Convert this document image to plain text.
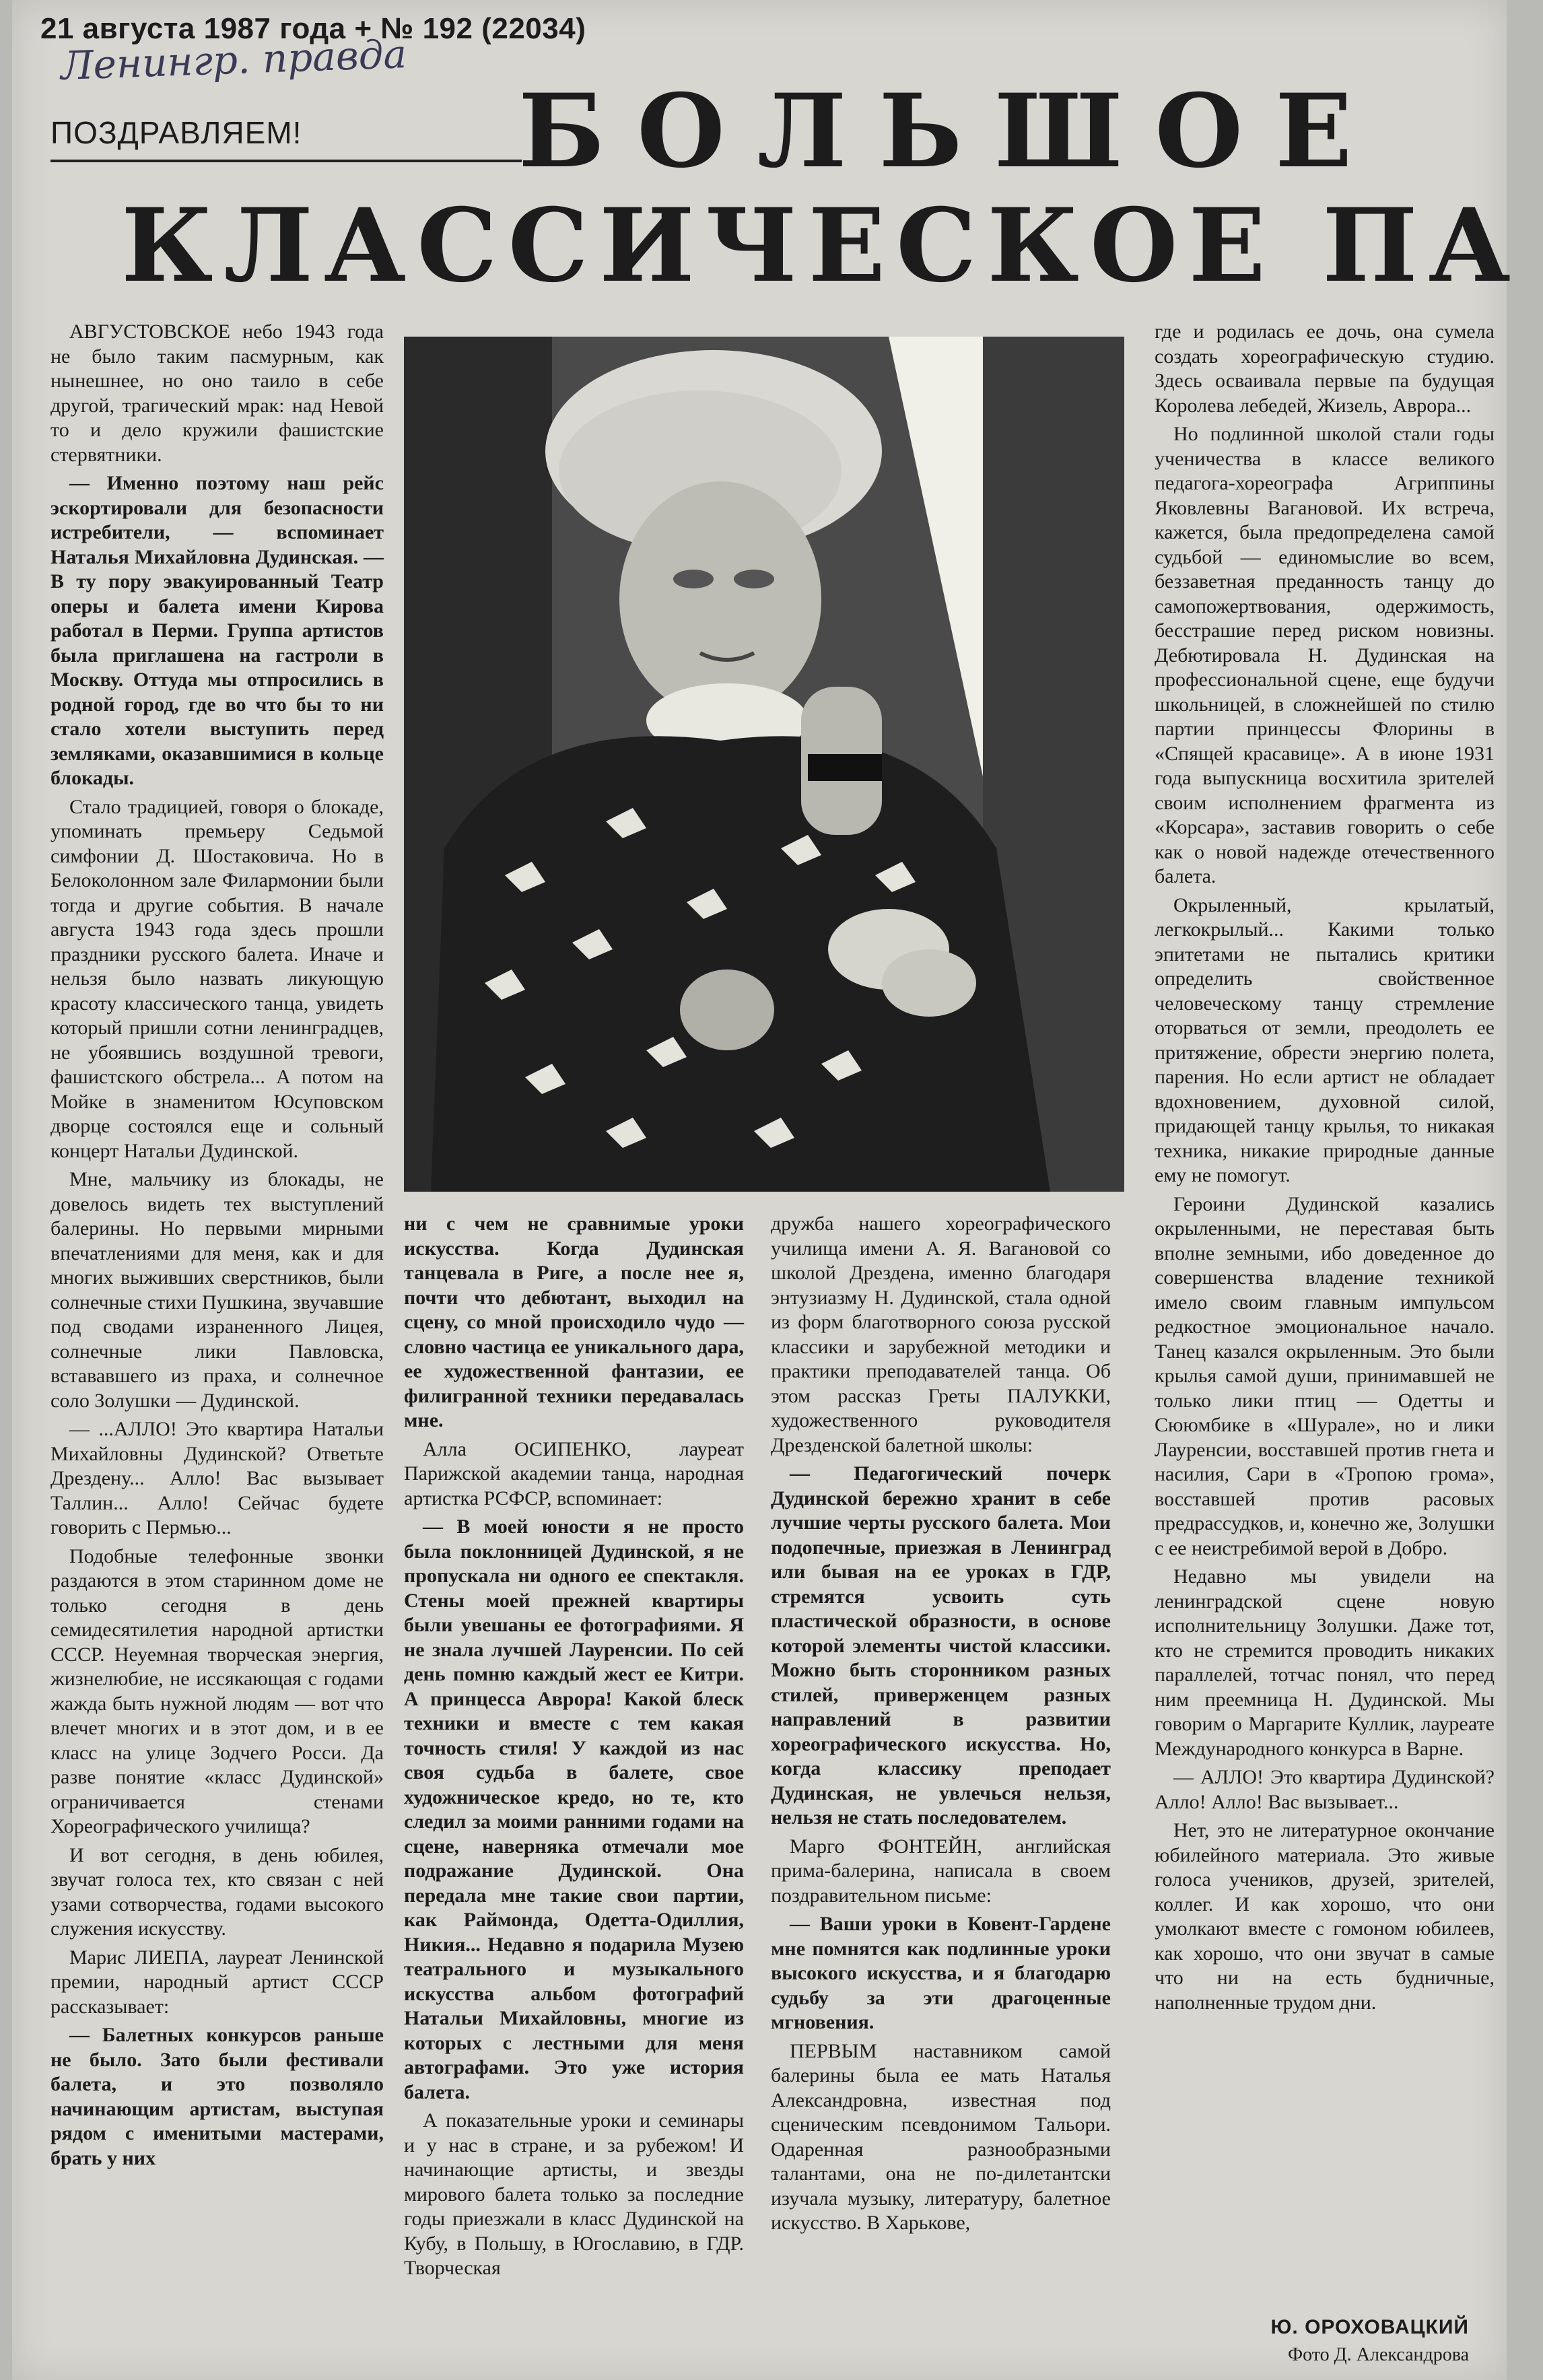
21 августа 1987 года + № 192 (22034)
Ленингр. правда
ПОЗДРАВЛЯЕМ! БОЛЬШОЕ
КЛАССИЧЕСКОЕ ПА

АВГУСТОВСКОЕ небо 1943 года не было таким пасмурным, как нынешнее, но оно таило в себе другой, трагический мрак: над Невой то и дело кружили фашистские стервятники.

— Именно поэтому наш рейс эскортировали для безопасности истребители, — вспоминает Наталья Михайловна Дудинская. — В ту пору эвакуированный Театр оперы и балета имени Кирова работал в Перми. Группа артистов была приглашена на гастроли в Москву. Оттуда мы отпросились в родной город, где во что бы то ни стало хотели выступить перед земляками, оказавшимися в кольце блокады.

Стало традицией, говоря о блокаде, упоминать премьеру Седьмой симфонии Д. Шостаковича. Но в Белоколонном зале Филармонии были тогда и другие события. В начале августа 1943 года здесь прошли праздники русского балета. Иначе и нельзя было назвать ликующую красоту классического танца, увидеть который пришли сотни ленинградцев, не убоявшись воздушной тревоги, фашистского обстрела... А потом на Мойке в знаменитом Юсуповском дворце состоялся еще и сольный концерт Натальи Дудинской.

Мне, мальчику из блокады, не довелось видеть тех выступлений балерины. Но первыми мирными впечатлениями для меня, как и для многих выживших сверстников, были солнечные стихи Пушкина, звучавшие под сводами израненного Лицея, солнечные лики Павловска, встававшего из праха, и солнечное соло Золушки — Дудинской.

— ...АЛЛО! Это квартира Натальи Михайловны Дудинской? Ответьте Дрездену... Алло! Вас вызывает Таллин... Алло! Сейчас будете говорить с Пермью...

Подобные телефонные звонки раздаются в этом старинном доме не только сегодня в день семидесятилетия народной артистки СССР. Неуемная творческая энергия, жизнелюбие, не иссякающая с годами жажда быть нужной людям — вот что влечет многих и в этот дом, и в ее класс на улице Зодчего Росси. Да разве понятие «класс Дудинской» ограничивается стенами Хореографического училища?

И вот сегодня, в день юбилея, звучат голоса тех, кто связан с ней узами сотворчества, годами высокого служения искусству.

Марис ЛИЕПА, лауреат Ленинской премии, народный артист СССР рассказывает:

— Балетных конкурсов раньше не было. Зато были фестивали балета, и это позволяло начинающим артистам, выступая рядом с именитыми мастерами, брать у них

ни с чем не сравнимые уроки искусства. Когда Дудинская танцевала в Риге, а после нее я, почти что дебютант, выходил на сцену, со мной происходило чудо — словно частица ее уникального дара, ее художественной фантазии, ее филигранной техники передавалась мне.

Алла ОСИПЕНКО, лауреат Парижской академии танца, народная артистка РСФСР, вспоминает:

— В моей юности я не просто была поклонницей Дудинской, я не пропускала ни одного ее спектакля. Стены моей прежней квартиры были увешаны ее фотографиями. Я не знала лучшей Лауренсии. По сей день помню каждый жест ее Китри. А принцесса Аврора! Какой блеск техники и вместе с тем какая точность стиля! У каждой из нас своя судьба в балете, свое художническое кредо, но те, кто следил за моими ранними годами на сцене, наверняка отмечали мое подражание Дудинской. Она передала мне такие свои партии, как Раймонда, Одетта-Одиллия, Никия... Недавно я подарила Музею театрального и музыкального искусства альбом фотографий Натальи Михайловны, многие из которых с лестными для меня автографами. Это уже история балета.

А показательные уроки и семинары и у нас в стране, и за рубежом! И начинающие артисты, и звезды мирового балета только за последние годы приезжали в класс Дудинской на Кубу, в Польшу, в Югославию, в ГДР. Творческая

дружба нашего хореографического училища имени А. Я. Вагановой со школой Дрездена, именно благодаря энтузиазму Н. Дудинской, стала одной из форм благотворного союза русской классики и зарубежной методики и практики преподавателей танца. Об этом рассказ Греты ПАЛУККИ, художественного руководителя Дрезденской балетной школы:

— Педагогический почерк Дудинской бережно хранит в себе лучшие черты русского балета. Мои подопечные, приезжая в Ленинград или бывая на ее уроках в ГДР, стремятся усвоить суть пластической образности, в основе которой элементы чистой классики. Можно быть сторонником разных стилей, приверженцем разных направлений в развитии хореографического искусства. Но, когда классику преподает Дудинская, не увлечься нельзя, нельзя не стать последователем.

Марго ФОНТЕЙН, английская прима-балерина, написала в своем поздравительном письме:

— Ваши уроки в Ковент-Гардене мне помнятся как подлинные уроки высокого искусства, и я благодарю судьбу за эти драгоценные мгновения.

ПЕРВЫМ наставником самой балерины была ее мать Наталья Александровна, известная под сценическим псевдонимом Тальори. Одаренная разнообразными талантами, она не по-дилетантски изучала музыку, литературу, балетное искусство. В Харькове,

где и родилась ее дочь, она сумела создать хореографическую студию. Здесь осваивала первые па будущая Королева лебедей, Жизель, Аврора...

Но подлинной школой стали годы ученичества в классе великого педагога-хореографа Агриппины Яковлевны Вагановой. Их встреча, кажется, была предопределена самой судьбой — единомыслие во всем, беззаветная преданность танцу до самопожертвования, одержимость, бесстрашие перед риском новизны. Дебютировала Н. Дудинская на профессиональной сцене, еще будучи школьницей, в сложнейшей по стилю партии принцессы Флорины в «Спящей красавице». А в июне 1931 года выпускница восхитила зрителей своим исполнением фрагмента из «Корсара», заставив говорить о себе как о новой надежде отечественного балета.

Окрыленный, крылатый, легкокрылый... Какими только эпитетами не пытались критики определить свойственное человеческому танцу стремление оторваться от земли, преодолеть ее притяжение, обрести энергию полета, парения. Но если артист не обладает вдохновением, духовной силой, придающей танцу крылья, то никакая техника, никакие природные данные ему не помогут.

Героини Дудинской казались окрыленными, не переставая быть вполне земными, ибо доведенное до совершенства владение техникой имело своим главным импульсом редкостное эмоциональное начало. Танец казался окрыленным. Это были крылья самой души, принимавшей не только лики птиц — Одетты и Сююмбике в «Шурале», но и лики Лауренсии, восставшей против гнета и насилия, Сари в «Тропою грома», восставшей против расовых предрассудков, и, конечно же, Золушки с ее неистребимой верой в Добро.

Недавно мы увидели на ленинградской сцене новую исполнительницу Золушки. Даже тот, кто не стремится проводить никаких параллелей, тотчас понял, что перед ним преемница Н. Дудинской. Мы говорим о Маргарите Куллик, лауреате Международного конкурса в Варне.

— АЛЛО! Это квартира Дудинской? Алло! Алло! Вас вызывает...

Нет, это не литературное окончание юбилейного материала. Это живые голоса учеников, друзей, зрителей, коллег. И как хорошо, что они умолкают вместе с гомоном юбилеев, как хорошо, что они звучат в самые что ни на есть будничные, наполненные трудом дни.

Ю. ОРОХОВАЦКИЙ
Фото Д. Александрова
